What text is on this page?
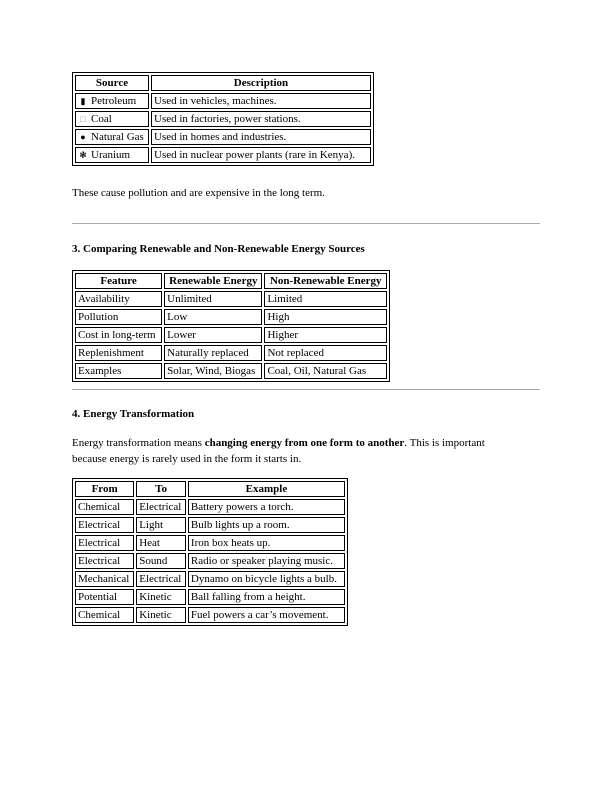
Source	Description
▮ Petroleum	Used in vehicles, machines.
□ Coal	Used in factories, power stations.
● Natural Gas	Used in homes and industries.
❃ Uranium	Used in nuclear power plants (rare in Kenya).
These cause pollution and are expensive in the long term.
3. Comparing Renewable and Non-Renewable Energy Sources
Feature	Renewable Energy	Non-Renewable Energy
Availability	Unlimited	Limited
Pollution	Low	High
Cost in long-term	Lower	Higher
Replenishment	Naturally replaced	Not replaced
Examples	Solar, Wind, Biogas	Coal, Oil, Natural Gas
4. Energy Transformation
Energy transformation means changing energy from one form to another. This is important
because energy is rarely used in the form it starts in.
From	To	Example
Chemical	Electrical	Battery powers a torch.
Electrical	Light	Bulb lights up a room.
Electrical	Heat	Iron box heats up.
Electrical	Sound	Radio or speaker playing music.
Mechanical	Electrical	Dynamo on bicycle lights a bulb.
Potential	Kinetic	Ball falling from a height.
Chemical	Kinetic	Fuel powers a car’s movement.
